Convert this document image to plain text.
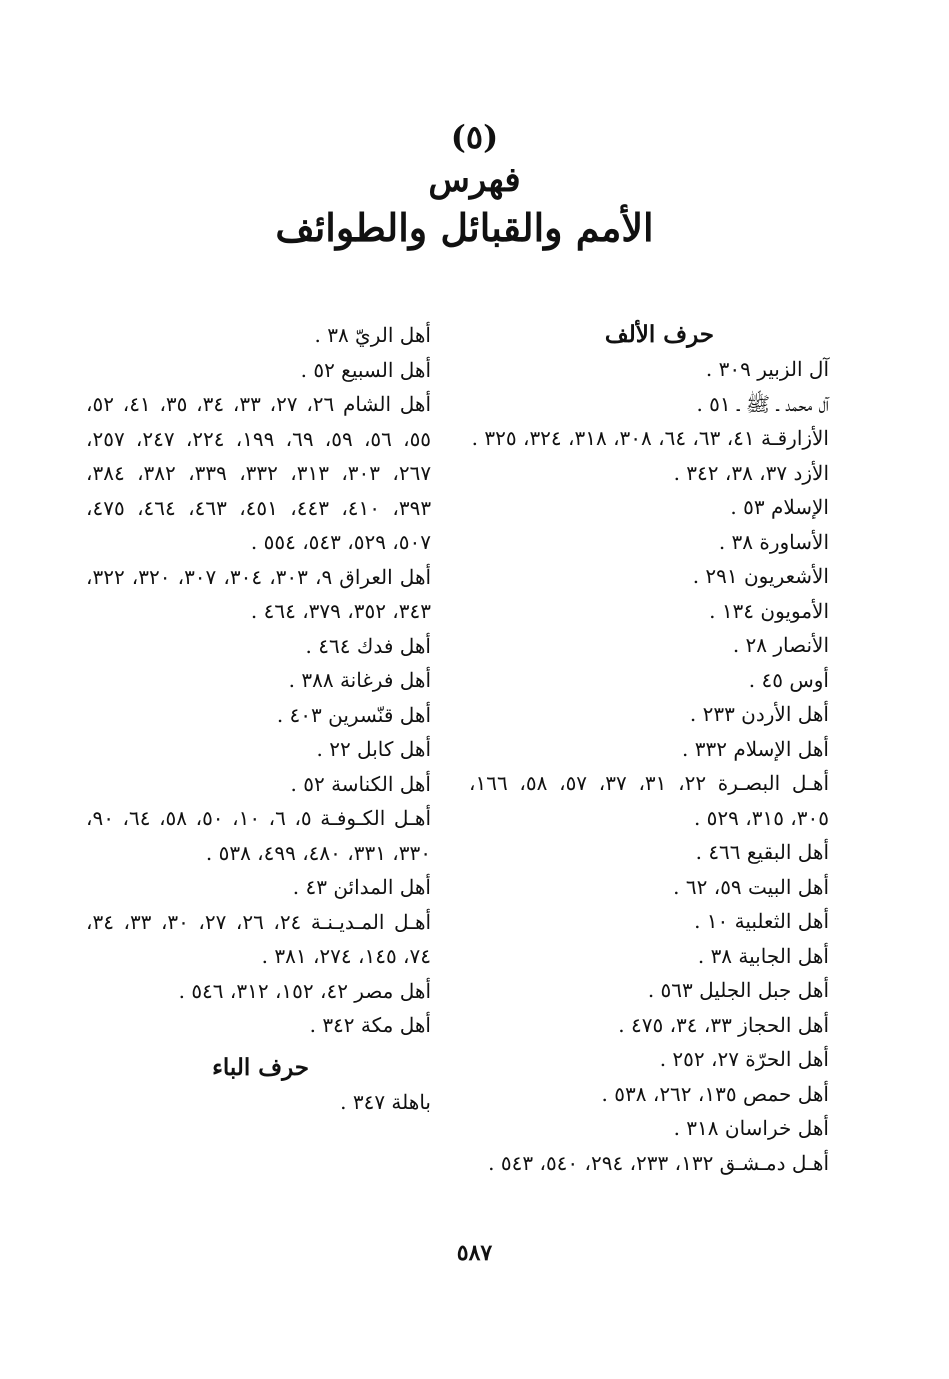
(٥)
فهرس
الأمم والقبائل والطوائف

حرف الألف

آل الزبير ٣٠٩ .

آل محمد ـ ﷺ ـ ٥١ .

الأزارقـة ٤١، ٦٣، ٦٤، ٣٠٨، ٣١٨، ٣٢٤، ٣٢٥ .

الأزد ٣٧، ٣٨، ٣٤٢ .

الإسلام ٥٣ .

الأساورة ٣٨ .

الأشعريون ٢٩١ .

الأمويون ١٣٤ .

الأنصار ٢٨ .

أوس ٤٥ .

أهل الأردن ٢٣٣ .

أهل الإسلام ٣٣٢ .

أهـل البصـرة ٢٢، ٣١، ٣٧، ٥٧، ٥٨، ١٦٦، ٣٠٥، ٣١٥، ٥٢٩ .

أهل البقيع ٤٦٦ .

أهل البيت ٥٩، ٦٢ .

أهل الثعلبية ١٠ .

أهل الجابية ٣٨ .

أهل جبل الجليل ٥٦٣ .

أهل الحجاز ٣٣، ٣٤، ٤٧٥ .

أهل الحرّة ٢٧، ٢٥٢ .

أهل حمص ١٣٥، ٢٦٢، ٥٣٨ .

أهل خراسان ٣١٨ .

أهـل دمـشـق ١٣٢، ٢٣٣، ٢٩٤، ٥٤٠، ٥٤٣ .

أهل الريّ ٣٨ .

أهل السبيع ٥٢ .

أهل الشام ٢٦، ٢٧، ٣٣، ٣٤، ٣٥، ٤١، ٥٢، ٥٥، ٥٦، ٥٩، ٦٩، ١٩٩، ٢٢٤، ٢٤٧، ٢٥٧، ٢٦٧، ٣٠٣، ٣١٣، ٣٣٢، ٣٣٩، ٣٨٢، ٣٨٤، ٣٩٣، ٤١٠، ٤٤٣، ٤٥١، ٤٦٣، ٤٦٤، ٤٧٥، ٥٠٧، ٥٢٩، ٥٤٣، ٥٥٤ .

أهل العراق ٩، ٣٠٣، ٣٠٤، ٣٠٧، ٣٢٠، ٣٢٢، ٣٤٣، ٣٥٢، ٣٧٩، ٤٦٤ .

أهل فدك ٤٦٤ .

أهل فرغانة ٣٨٨ .

أهل قنّسرين ٤٠٣ .

أهل كابل ٢٢ .

أهل الكناسة ٥٢ .

أهـل الكـوفـة ٥، ٦، ١٠، ٥٠، ٥٨، ٦٤، ٩٠، ٣٣٠، ٣٣١، ٤٨٠، ٤٩٩، ٥٣٨ .

أهل المدائن ٤٣ .

أهـل المـديـنـة ٢٤، ٢٦، ٢٧، ٣٠، ٣٣، ٣٤، ٧٤، ١٤٥، ٢٧٤، ٣٨١ .

أهل مصر ٤٢، ١٥٢، ٣١٢، ٥٤٦ .

أهل مكة ٣٤٢ .

حرف الباء

باهلة ٣٤٧ .

٥٨٧
